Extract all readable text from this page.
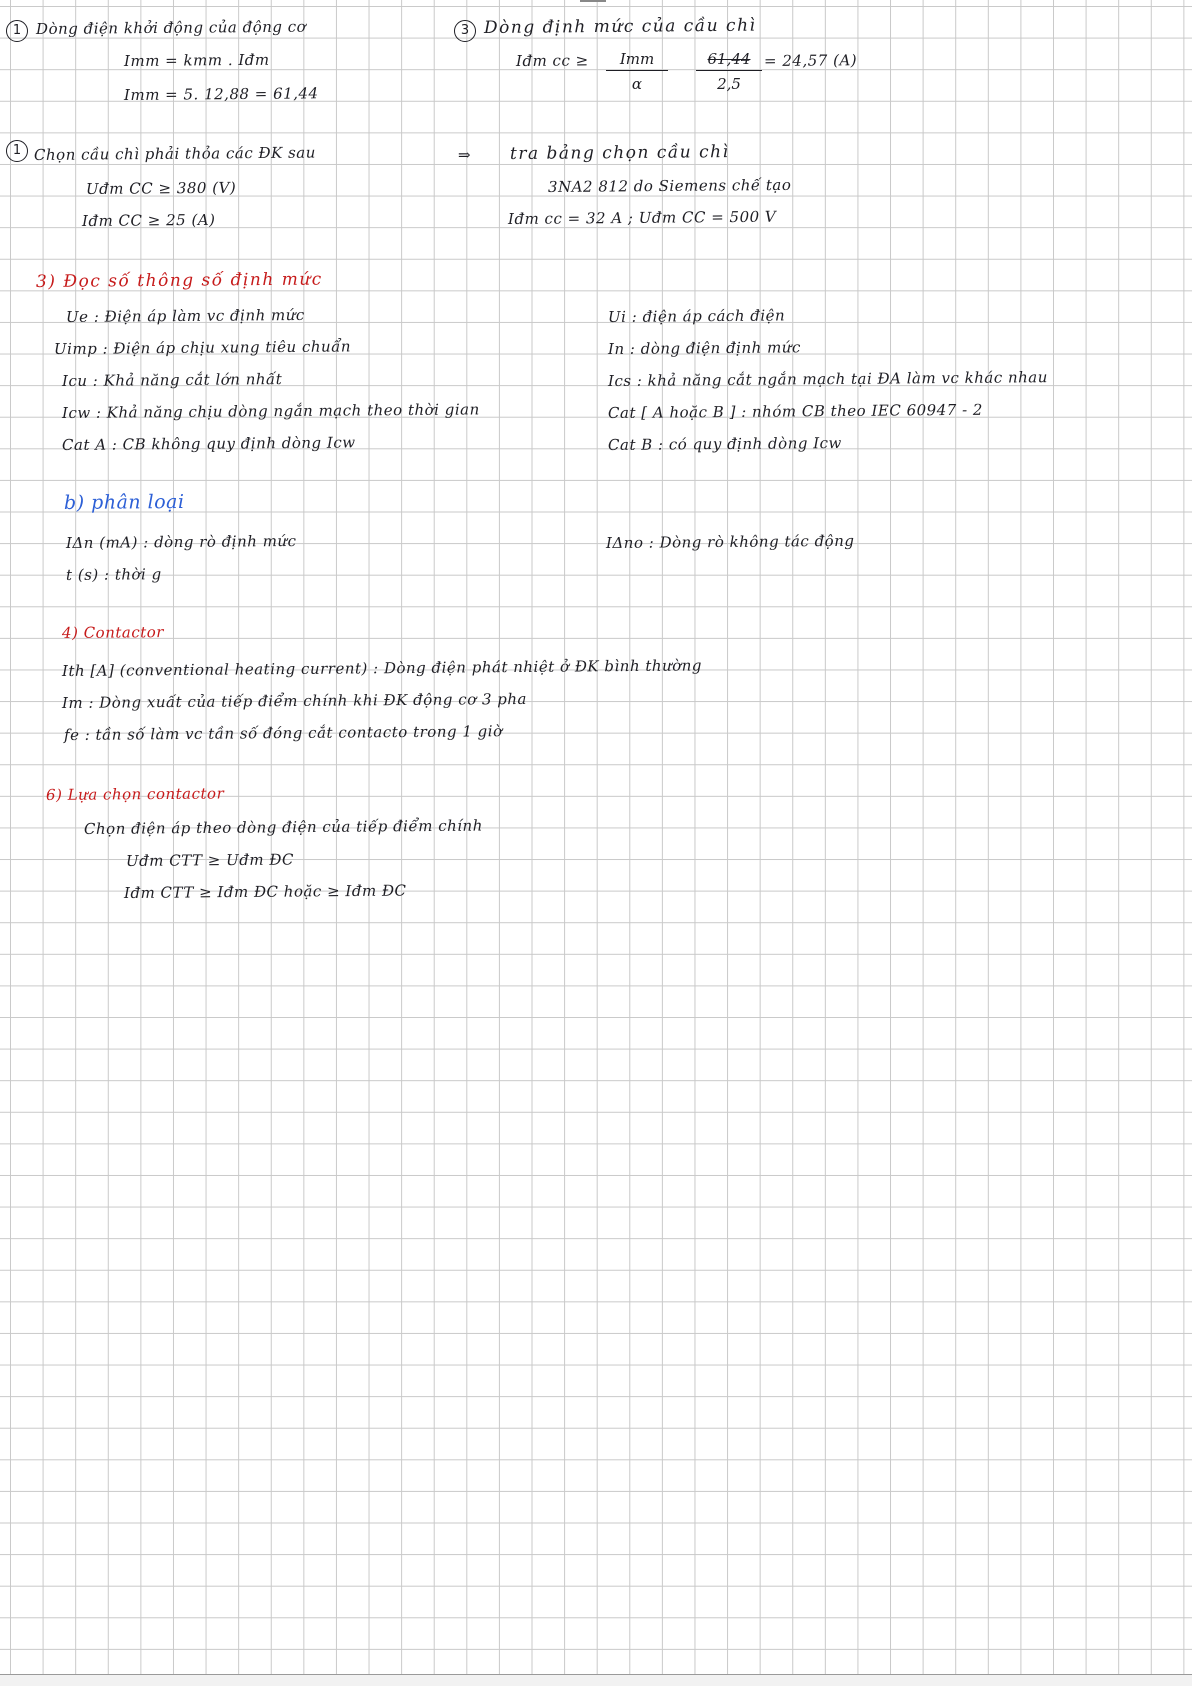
1 Dòng điện khởi động của động cơ
Imm = kmm . Iđm
Imm = 5. 12,88 = 61,44
3 Dòng định mức của cầu chì
Iđm cc ≥	Imm
α	$\frac{61,44}{2,5} = 24,57$ (A)
1 Chọn cầu chì phải thỏa các ĐK sau
Uđm CC ≥ 380 (V)
Iđm CC ≥ 25 (A)
⇒ tra bảng chọn cầu chì
3NA2 812 do Siemens chế tạo
Iđm cc = 32 A ; Uđm CC = 500 V
3) Đọc số thông số định mức
Ue : Điện áp làm vc định mức
Uimp : Điện áp chịu xung tiêu chuẩn
Icu : Khả năng cắt lớn nhất
Icw : Khả năng chịu dòng ngắn mạch theo thời gian
Cat A : CB không quy định dòng Icw
Ui : điện áp cách điện
In : dòng điện định mức
Ics : khả năng cắt ngắn mạch tại ĐA làm vc khác nhau
Cat [ A hoặc B ] : nhóm CB theo IEC 60947 - 2
Cat B : có quy định dòng Icw
b) phân loại
IΔn (mA) : dòng rò định mức
t (s) : thời g
IΔno : Dòng rò không tác động
4) Contactor
Ith [A] (conventional heating current) : Dòng điện phát nhiệt ở ĐK bình thường
Im : Dòng xuất của tiếp điểm chính khi ĐK động cơ 3 pha
fe : tần số làm vc tần số đóng cắt contacto trong 1 giờ
6) Lựa chọn contactor
Chọn điện áp theo dòng điện của tiếp điểm chính
Uđm CTT ≥ Uđm ĐC
Iđm CTT ≥ Iđm ĐC hoặc ≥ Iđm ĐC
